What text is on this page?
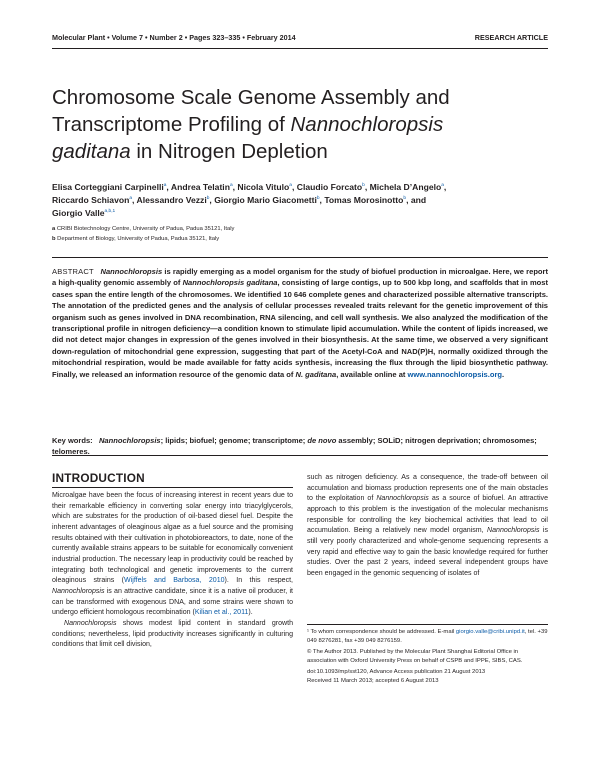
Molecular Plant • Volume 7 • Number 2 • Pages 323–335 • February 2014	RESEARCH ARTICLE
Chromosome Scale Genome Assembly and Transcriptome Profiling of Nannochloropsis gaditana in Nitrogen Depletion
Elisa Corteggiani Carpinelli$^a$, Andrea Telatin$^a$, Nicola Vitulo$^a$, Claudio Forcato$^b$, Michela D’Angelo$^a$,
Riccardo Schiavon$^a$, Alessandro Vezzi$^b$, Giorgio Mario Giacometti$^b$, Tomas Morosinotto$^b$, and
Giorgio Valle$^{a,b,1}$
a CRIBI Biotechnology Centre, University of Padua, Padua 35121, Italy
b Department of Biology, University of Padua, Padua 35121, Italy
ABSTRACT Nannochloropsis is rapidly emerging as a model organism for the study of biofuel production in microalgae. Here, we report a high-quality genomic assembly of Nannochloropsis gaditana, consisting of large contigs, up to 500 kbp long, and scaffolds that in most cases span the entire length of the chromosomes. We identified 10 646 complete genes and characterized possible alternative transcripts. The annotation of the predicted genes and the analysis of cellular processes revealed traits relevant for the genetic improvement of this organism such as genes involved in DNA recombination, RNA silencing, and cell wall synthesis. We also analyzed the modification of the transcriptional profile in nitrogen deficiency—a condition known to stimulate lipid accumulation. While the content of lipids increased, we did not detect major changes in expression of the genes involved in their biosynthesis. At the same time, we observed a very significant down-regulation of mitochondrial gene expression, suggesting that part of the Acetyl-CoA and NAD(P)H, normally oxidized through the mitochondrial respiration, would be made available for fatty acids synthesis, increasing the flux through the lipid biosynthetic pathway. Finally, we released an information resource of the genomic data of N. gaditana, available online at www.nannochloropsis.org.
Key words: Nannochloropsis; lipids; biofuel; genome; transcriptome; de novo assembly; SOLiD; nitrogen deprivation; chromosomes; telomeres.
INTRODUCTION

Microalgae have been the focus of increasing interest in recent years due to their remarkable efficiency in converting solar energy into triacylglycerols, which are substrates for the production of oil-based diesel fuel. Despite the inherent advantages of oleaginous algae as a fuel source and the promising results obtained with their cultivation in photobioreactors, to date, none of the currently available strains appears to be suitable for economically convenient industrial production. The necessary leap in productivity could be reached by integrating both technological and genetic improvements to the current oleaginous strains (Wijffels and Barbosa, 2010). In this respect, Nannochloropsis is an attractive candidate, since it is a native oil producer, it can be transformed with exogenous DNA, and some strains were shown to undergo efficient homologous recombination (Kilian et al., 2011).

Nannochloropsis shows modest lipid content in standard growth conditions; nevertheless, lipid productivity increases significantly in culturing conditions that limit cell division,

such as nitrogen deficiency. As a consequence, the trade-off between oil accumulation and biomass production represents one of the main obstacles to the exploitation of Nannochloropsis as a source of biofuel. An attractive approach to this problem is the investigation of the molecular mechanisms responsible for controlling the key biochemical activities that lead to oil accumulation. Being a relatively new model organism, Nannochloropsis is still very poorly characterized and whole-genome sequencing represents a very rapid and effective way to gain the basic knowledge required for further studies. Over the past 2 years, indeed several independent groups have been engaged in the genomic sequencing of isolates of

¹ To whom correspondence should be addressed. E-mail giorgio.valle@cribi.unipd.it, tel. +39 049 8276281, fax +39 049 8276159.

© The Author 2013. Published by the Molecular Plant Shanghai Editorial Office in association with Oxford University Press on behalf of CSPB and IPPE, SIBS, CAS.

doi:10.1093/mp/sst120, Advance Access publication 21 August 2013

Received 11 March 2013; accepted 6 August 2013
